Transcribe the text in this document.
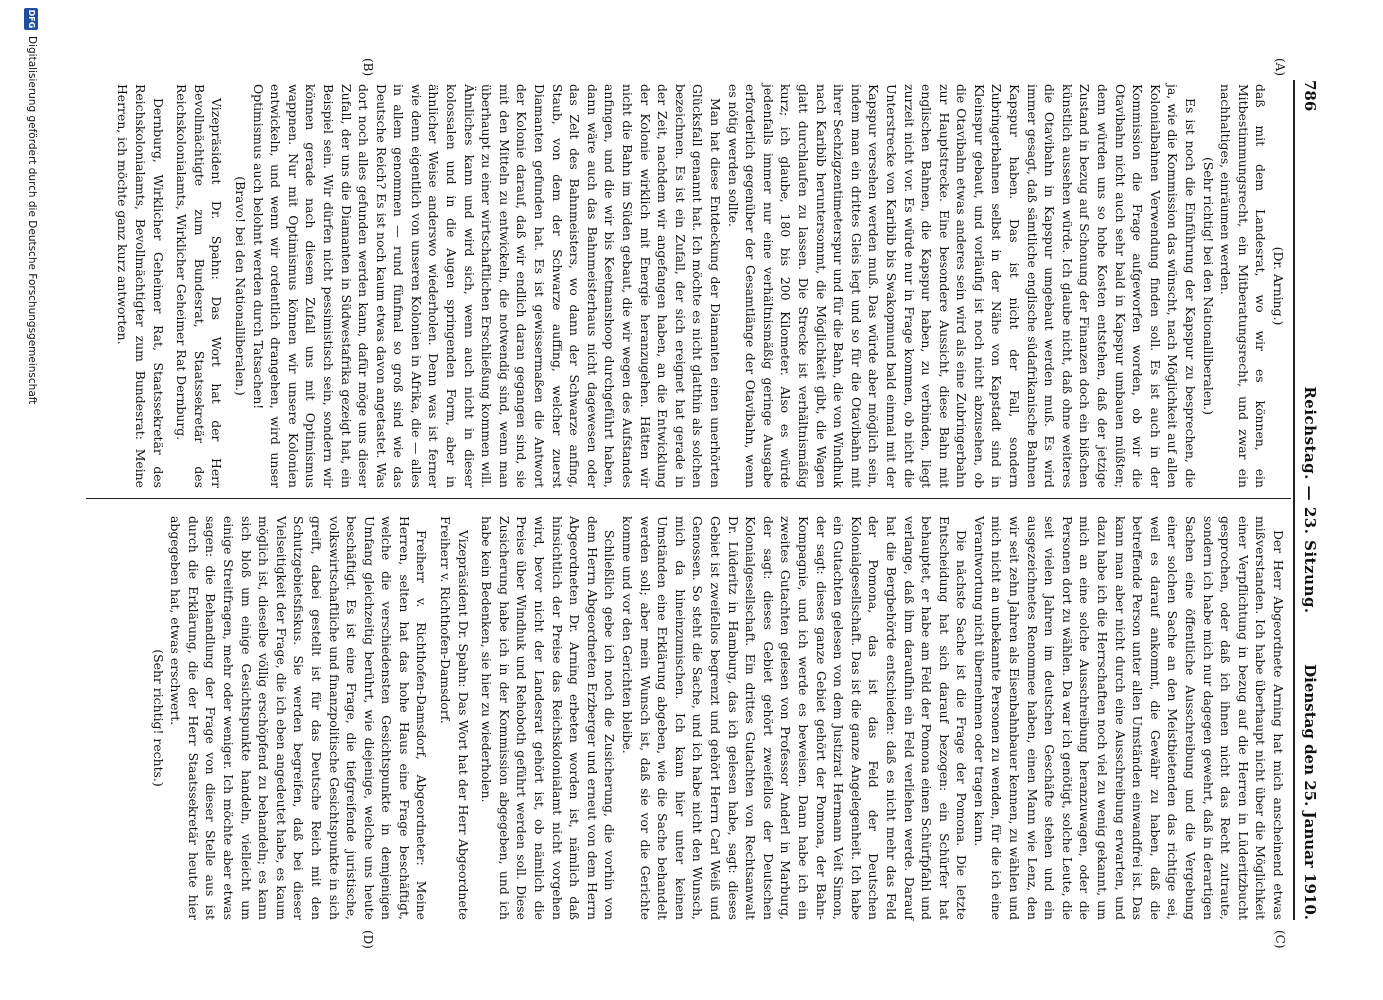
786
Reichstag. — 23. Sitzung.
Dienstag den 25. Januar 1910.
(A)
(B)
(C)
(D)

(Dr. Arning.)

daß mit dem Landesrat, wo wir es können, ein Mitbestimmungsrecht, ein Mitberatungsrecht, und zwar ein nachhaltiges, einräumen werden.

(Sehr richtig! bei den Nationalliberalen.)

Es ist noch die Einführung der Kapspur zu besprechen, die ja, wie die Kommission das wünscht, nach Möglichkeit auf allen Kolonialbahnen Verwendung finden soll. Es ist auch in der Kommission die Frage aufgeworfen worden, ob wir die Otavibahn nicht auch sehr bald in Kapspur umbauen müßten; denn würden uns so hohe Kosten entstehen, daß der jetzige Zustand in bezug auf Schonung der Finanzen doch ein bißchen künstlich aussehen würde. Ich glaube nicht, daß ohne weiteres die Otavibahn in Kapspur umgebaut werden muß. Es wird immer gesagt, daß sämtliche englische südafrikanische Bahnen Kapspur haben. Das ist nicht der Fall, sondern Zubringerbahnen selbst in der Nähe von Kapstadt sind in Kleinspur gebaut, und vorläufig ist noch nicht abzusehen, ob die Otavibahn etwas anderes sein wird als eine Zubringerbahn zur Hauptstrecke. Eine besondere Aussicht, diese Bahn mit englischen Bahnen, die Kapspur haben, zu verbinden, liegt zurzeit nicht vor. Es würde nur in Frage kommen, ob nicht die Unterstrecke von Karibib bis Swakopmund bald einmal mit der Kapspur versehen werden muß. Das würde aber möglich sein, indem man ein drittes Gleis legt und so für die Otavibahn mit ihrer Sechzigzentimeterspur und für die Bahn, die von Windhuk nach Karibib heruntersommt, die Möglichkeit gibt, die Wagen glatt durchlaufen zu lassen. Die Strecke ist verhältnismäßig kurz; ich glaube, 180 bis 200 Kilometer. Also es würde jedenfalls immer nur eine verhältnismäßig geringe Ausgabe erforderlich gegenüber der Gesamtlänge der Otavibahn, wenn es nötig werden sollte.

Man hat diese Entdeckung der Diamanten einen unerhörten Glücksfall genannt hat. Ich möchte es nicht glatthin als solchen bezeichnen. Es ist ein Zufall, der sich ereignet hat gerade in der Zeit, nachdem wir angefangen haben, an die Entwicklung der Kolonie wirklich mit Energie heranzugehen. Hätten wir nicht die Bahn im Süden gebaut, die wir wegen des Aufstandes anfingen, und die wir bis Keetmanshoop durchgeführt haben, dann wäre auch das Bahnmeisterhaus nicht dagewesen oder das Zelt des Bahnmeisters, wo dann der Schwarze anfing, Staub, von dem der Schwarze auffing, welcher zuerst Diamanten gefunden hat. Es ist gewissermaßen die Antwort der Kolonie darauf, daß wir endlich daran gegangen sind, sie mit den Mitteln zu entwickeln, die notwendig sind, wenn man überhaupt zu einer wirtschaftlichen Erschließung kommen will. Ähnliches kann und wird sich, wenn auch nicht in dieser kolossalen und in die Augen springenden Form, aber in ähnlicher Weise anderswo wiederholen. Denn was ist ferner wie denn eigentlich von unseren Kolonien in Afrika, die — alles in allem genommen — rund fünfmal so groß sind wie das Deutsche Reich? Es ist noch kaum etwas davon angetastet. Was dort noch alles gefunden werden kann, dafür möge uns dieser Zufall, der uns die Diamanten in Südwestafrika gezeigt hat, ein Beispiel sein. Wir dürfen nicht pessimistisch sein, sondern wir können gerade nach diesem Zufall uns mit Optimismus wappnen. Nur mit Optimismus können wir unsere Kolonien entwickeln, und wenn wir ordentlich drangehen, wird unser Optimismus auch belohnt werden durch Tatsachen!

(Bravo! bei den Nationalliberalen.)

Vizepräsident Dr. Spahn: Das Wort hat der Herr Bevollmächtigte zum Bundesrat, Staatssekretär des Reichskolonialamts, Wirklicher Geheimer Rat Dernburg.

Dernburg, Wirklicher Geheimer Rat, Staatssekretär des Reichskolonialamts, Bevollmächtigter zum Bundesrat: Meine Herren, ich möchte ganz kurz antworten.

Der Herr Abgeordnete Arning hat mich anscheinend etwas mißverstanden. Ich habe überhaupt nicht über die Möglichkeit einer Verpflichtung in bezug auf die Herren in Lüderitzbucht gesprochen, oder daß ich ihnen nicht das Recht zutraute, sondern ich habe mich nur dagegen gewehrt, daß in derartigen Sachen eine öffentliche Ausschreibung und die Vergebung einer solchen Sache an den Meistbietenden das richtige sei, weil es darauf ankommt, die Gewähr zu haben, daß die betreffende Person unter allen Umständen einwandfrei ist. Das kann man aber nicht durch eine Ausschreibung erwarten, und dazu habe ich die Herrschaften noch viel zu wenig gekannt, um mich an eine solche Ausschreibung heranzuwagen, oder die Personen dort zu wählen. Da war ich genötigt, solche Leute, die seit vielen Jahren im deutschen Geschäfte stehen und ein ausgezeichnetes Renommee haben, einen Mann wie Lenz, den wir seit zehn Jahren als Eisenbahnbauer kennen, zu wählen und mich nicht an unbekannte Personen zu wenden, für die ich eine Verantwortung nicht übernehmen oder tragen kann.

Die nächste Sache ist die Frage der Pomona. Die letzte Entscheidung hat sich darauf bezogen: ein Schürfer hat behauptet, er habe am Feld der Pomona einen Schürfpfahl und verlange, daß ihm daraufhin ein Feld verliehen werde. Darauf hat die Bergbehörde entschieden: daß es nicht mehr das Feld der Pomona, das ist das Feld der Deutschen Kolonialgesellschaft. Das ist die ganze Angelegenheit. Ich habe ein Gutachten gelesen von dem Justizrat Hermann Veit Simon, der sagt: dieses ganze Gebiet gehört der Pomona, der Bahn-Kompagnie, und ich werde es beweisen. Dann habe ich ein zweites Gutachten gelesen von Professor Anderl in Marburg, der sagt: dieses Gebiet gehört zweifellos der Deutschen Kolonialgesellschaft. Ein drittes Gutachten von Rechtsanwalt Dr. Lüderitz in Hamburg, das ich gelesen habe, sagt: dieses Gebiet ist zweifellos begrenzt und gehört Herrn Carl Weiß und Genossen. So steht die Sache, und ich habe nicht den Wunsch, mich da hineinzumischen. Ich kann hier unter keinen Umständen eine Erklärung abgeben, wie die Sache behandelt werden soll; aber mein Wunsch ist, daß sie vor die Gerichte komme und vor den Gerichten bleibe.

Schließlich gebe ich noch die Zusicherung, die vorhin von dem Herrn Abgeordneten Erzberger und erneut von dem Herrn Abgeordneten Dr. Arning erbeten worden ist, nämlich daß hinsichtlich der Preise das Reichskolonialamt nicht vorgehen wird, bevor nicht der Landesrat gehört ist, ob nämlich die Preise über Windhuk und Rehoboth geführt werden soll. Diese Zusicherung habe ich in der Kommission abgegeben, und ich habe kein Bedenken, sie hier zu wiederholen.

Vizepräsident Dr. Spahn: Das Wort hat der Herr Abgeordnete Freiherr v. Richthofen-Damsdorf.

Freiherr v. Richthofen-Damsdorf, Abgeordneter: Meine Herren, selten hat das hohe Haus eine Frage beschäftigt, welche die verschiedensten Gesichtspunkte in demjenigen Umfang gleichzeitig berührt, wie diejenige, welche uns heute beschäftigt. Es ist eine Frage, die tiefgreifende juristische, volkswirtschaftliche und finanzpolitische Gesichtspunkte in sich greift, dabei gestellt ist für das Deutsche Reich mit den Schutzgebietsfiskus. Sie werden begreifen, daß bei dieser Vielseitigkeit der Frage, die ich eben angedeutet habe, es kaum möglich ist, dieselbe völlig erschöpfend zu behandeln; es kann sich bloß um einige Gesichtspunkte handeln, vielleicht um einige Streitfragen, mehr oder weniger. Ich möchte aber etwas sagen: die Behandlung der Frage von dieser Stelle aus ist durch die Erklärung, die der Herr Staatssekretär heute hier abgegeben hat, etwas erschwert.

(Sehr richtig! rechts.)

DFG
Digitalisierung gefördert durch die Deutsche Forschungsgemeinschaft
